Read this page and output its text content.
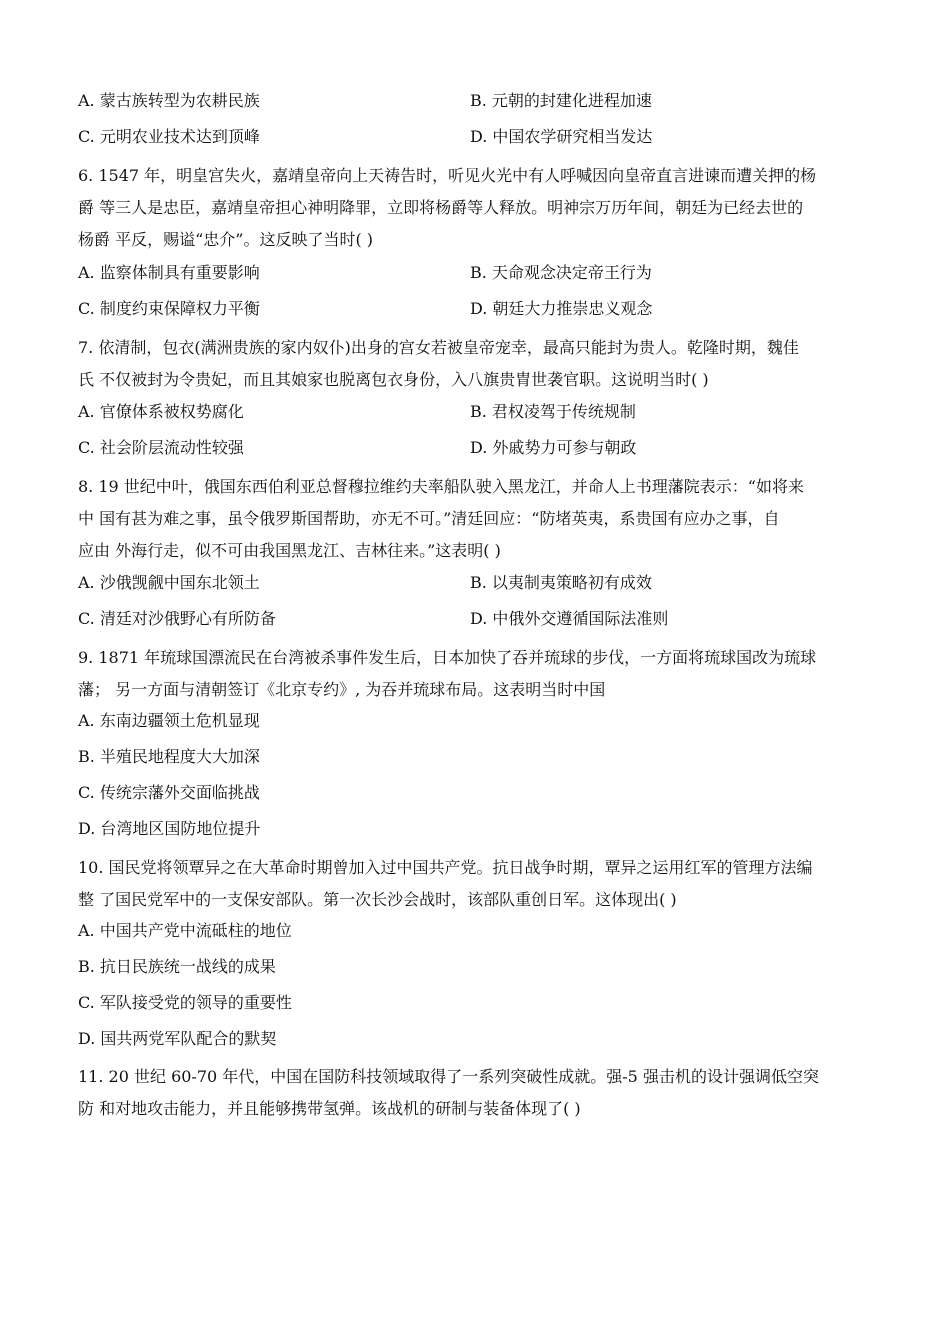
A. 蒙古族转型为农耕民族	B. 元朝的封建化进程加速
C. 元明农业技术达到顶峰	D. 中国农学研究相当发达
6. 1547 年，明皇宫失火，嘉靖皇帝向上天祷告时，听见火光中有人呼喊因向皇帝直言进谏而遭关押的杨
爵 等三人是忠臣，嘉靖皇帝担心神明降罪，立即将杨爵等人释放。明神宗万历年间，朝廷为已经去世的
杨爵 平反，赐谥“忠介”。这反映了当时( )
A. 监察体制具有重要影响	B. 天命观念决定帝王行为
C. 制度约束保障权力平衡	D. 朝廷大力推崇忠义观念
7. 依清制，包衣(满洲贵族的家内奴仆)出身的宫女若被皇帝宠幸，最高只能封为贵人。乾隆时期，魏佳
氏 不仅被封为令贵妃，而且其娘家也脱离包衣身份，入八旗贵胄世袭官职。这说明当时( )
A. 官僚体系被权势腐化	B. 君权凌驾于传统规制
C. 社会阶层流动性较强	D. 外戚势力可参与朝政
8. 19 世纪中叶，俄国东西伯利亚总督穆拉维约夫率船队驶入黑龙江，并命人上书理藩院表示：“如将来
中 国有甚为难之事，虽令俄罗斯国帮助，亦无不可。”清廷回应：“防堵英夷，系贵国有应办之事，自
应由 外海行走，似不可由我国黑龙江、吉林往来。”这表明( )
A. 沙俄觊觎中国东北领土	B. 以夷制夷策略初有成效
C. 清廷对沙俄野心有所防备	D. 中俄外交遵循国际法准则
9. 1871 年琉球国漂流民在台湾被杀事件发生后，日本加快了吞并琉球的步伐，一方面将琉球国改为琉球
藩； 另一方面与清朝签订《北京专约》, 为吞并琉球布局。这表明当时中国
A. 东南边疆领土危机显现
B. 半殖民地程度大大加深
C. 传统宗藩外交面临挑战
D. 台湾地区国防地位提升
10. 国民党将领覃异之在大革命时期曾加入过中国共产党。抗日战争时期，覃异之运用红军的管理方法编
整 了国民党军中的一支保安部队。第一次长沙会战时，该部队重创日军。这体现出( )
A. 中国共产党中流砥柱的地位
B. 抗日民族统一战线的成果
C. 军队接受党的领导的重要性
D. 国共两党军队配合的默契
11. 20 世纪 60-70 年代，中国在国防科技领域取得了一系列突破性成就。强-5 强击机的设计强调低空突
防 和对地攻击能力，并且能够携带氢弹。该战机的研制与装备体现了( )
